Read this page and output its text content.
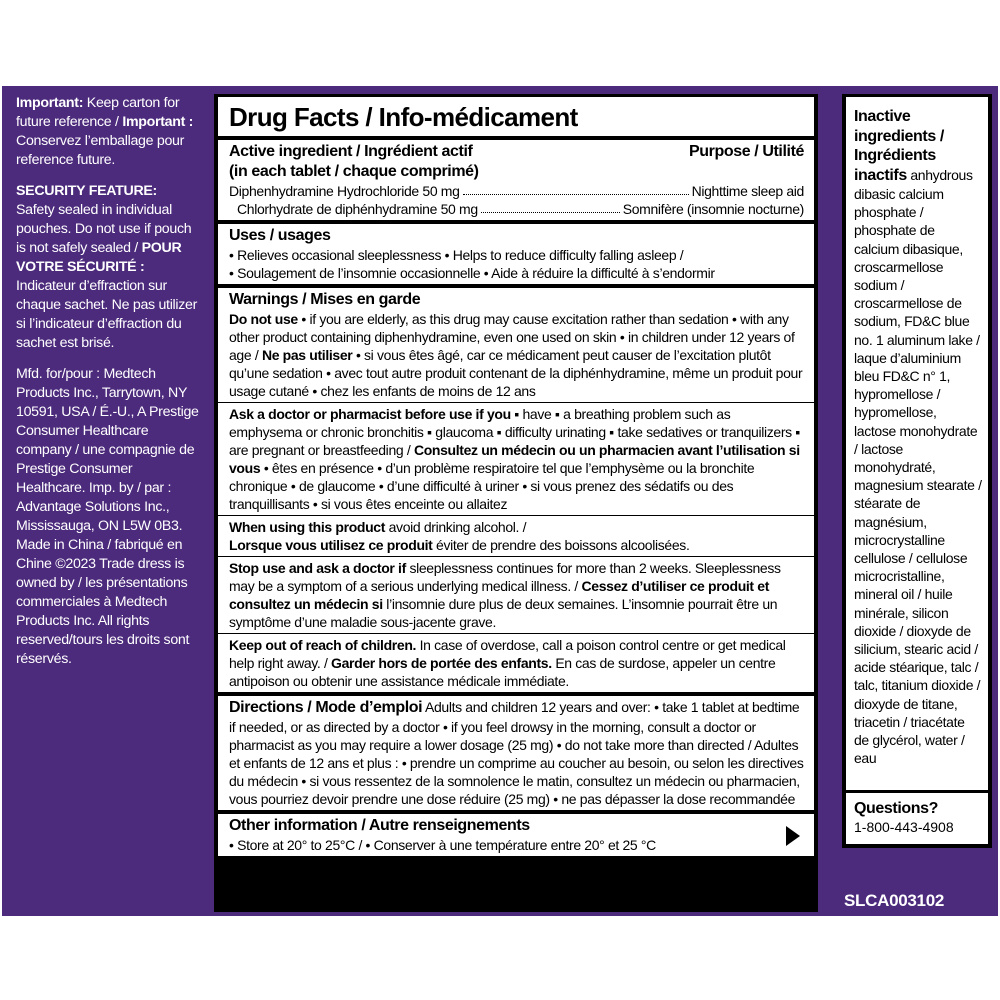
Important: Keep carton for future reference / Important : Conservez l’emballage pour reference future.

SECURITY FEATURE:
Safety sealed in individual pouches. Do not use if pouch is not safely sealed / POUR VOTRE SÉCURITÉ : Indicateur d’effraction sur chaque sachet. Ne pas utilizer si l’indicateur d’effraction du sachet est brisé.

Mfd. for/pour : Medtech Products Inc., Tarrytown, NY 10591, USA / É.-U., A Prestige Consumer Healthcare company / une compagnie de Prestige Consumer Healthcare. Imp. by / par : Advantage Solutions Inc., Mississauga, ON L5W 0B3. Made in China / fabriqué en Chine ©2023 Trade dress is owned by / les présentations commerciales à Medtech Products Inc. All rights reserved/tours les droits sont réservés.

Drug Facts / Info-médicament
Active ingredient / Ingrédient actif	Purpose / Utilité
(in each tablet / chaque comprimé)
Diphenhydramine Hydrochloride 50 mg	Nighttime sleep aid
Chlorhydrate de diphénhydramine 50 mg	Somnifère (insomnie nocturne)
Uses / usages
• Relieves occasional sleeplessness • Helps to reduce difficulty falling asleep /
• Soulagement de l’insomnie occasionnelle • Aide à réduire la difficulté à s’endormir
Warnings / Mises en garde
Do not use • if you are elderly, as this drug may cause excitation rather than sedation • with any other product containing diphenhydramine, even one used on skin • in children under 12 years of age / Ne pas utiliser • si vous êtes âgé, car ce médicament peut causer de l’excitation plutôt qu’une sedation • avec tout autre produit contenant de la diphénhydramine, même un produit pour usage cutané • chez les enfants de moins de 12 ans
Ask a doctor or pharmacist before use if you ▪ have ▪ a breathing problem such as emphysema or chronic bronchitis ▪ glaucoma ▪ difficulty urinating ▪ take sedatives or tranquilizers ▪ are pregnant or breastfeeding / Consultez un médecin ou un pharmacien avant l’utilisation si vous • êtes en présence • d’un problème respiratoire tel que l’emphysème ou la bronchite chronique • de glaucome • d’une difficulté à uriner • si vous prenez des sédatifs ou des tranquillisants • si vous êtes enceinte ou allaitez
When using this product avoid drinking alcohol. /
Lorsque vous utilisez ce produit éviter de prendre des boissons alcoolisées.
Stop use and ask a doctor if sleeplessness continues for more than 2 weeks. Sleeplessness may be a symptom of a serious underlying medical illness. / Cessez d’utiliser ce produit et consultez un médecin si l’insomnie dure plus de deux semaines. L’insomnie pourrait être un symptôme d’une maladie sous-jacente grave.
Keep out of reach of children. In case of overdose, call a poison control centre or get medical help right away. / Garder hors de portée des enfants. En cas de surdose, appeler un centre antipoison ou obtenir une assistance médicale immédiate.
Directions / Mode d’emploi Adults and children 12 years and over: • take 1 tablet at bedtime if needed, or as directed by a doctor • if you feel drowsy in the morning, consult a doctor or pharmacist as you may require a lower dosage (25 mg) • do not take more than directed / Adultes et enfants de 12 ans et plus : • prendre un comprime au coucher au besoin, ou selon les directives du médecin • si vous ressentez de la somnolence le matin, consultez un médecin ou pharmacien, vous pourriez devoir prendre une dose réduire (25 mg) • ne pas dépasser la dose recommandée
Other information / Autre renseignements
• Store at 20° to 25°C / • Conserver à une température entre 20° et 25 °C
Inactive ingredients / Ingrédients inactifs anhydrous dibasic calcium phosphate / phosphate de calcium dibasique, croscarmellose sodium / croscarmellose de sodium, FD&C blue no. 1 aluminum lake / laque d’aluminium bleu FD&C n° 1, hypromellose / hypromellose, lactose monohydrate / lactose monohydraté, magnesium stearate / stéarate de magnésium, microcrystalline cellulose / cellulose microcristalline, mineral oil / huile minérale, silicon dioxide / dioxyde de silicium, stearic acid / acide stéarique, talc / talc, titanium dioxide / dioxyde de titane, triacetin / triacétate de glycérol, water / eau
Questions?
1-800-443-4908
SLCA003102
